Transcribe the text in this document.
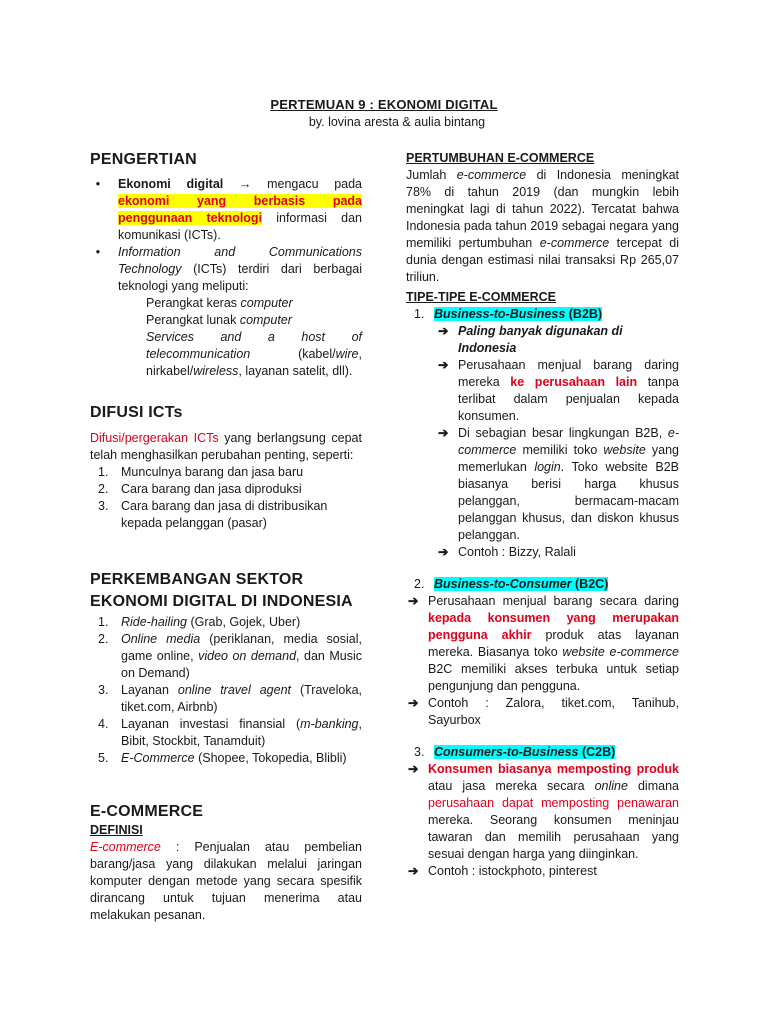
PERTEMUAN 9 : EKONOMI DIGITAL
by. lovina aresta & aulia bintang
PENGERTIAN
•	Ekonomi digital → mengacu pada ekonomi yang berbasis pada penggunaan teknologi informasi dan komunikasi (ICTs).
•	Information and Communications Technology (ICTs) terdiri dari berbagai teknologi yang meliputi:
Perangkat keras computer
Perangkat lunak computer
Services and a host of telecommunication (kabel/wire, nirkabel/wireless, layanan satelit, dll).
DIFUSI ICTs
Difusi/pergerakan ICTs yang berlangsung cepat telah menghasilkan perubahan penting, seperti:
1. Munculnya barang dan jasa baru
2. Cara barang dan jasa diproduksi
3. Cara barang dan jasa di distribusikan kepada pelanggan (pasar)
PERKEMBANGAN SEKTOR EKONOMI DIGITAL DI INDONESIA
1. Ride-hailing (Grab, Gojek, Uber)
2. Online media (periklanan, media sosial, game online, video on demand, dan Music on Demand)
3. Layanan online travel agent (Traveloka, tiket.com, Airbnb)
4. Layanan investasi finansial (m-banking, Bibit, Stockbit, Tanamduit)
5. E-Commerce (Shopee, Tokopedia, Blibli)
E-COMMERCE
DEFINISI
E-commerce : Penjualan atau pembelian barang/jasa yang dilakukan melalui jaringan komputer dengan metode yang secara spesifik dirancang untuk tujuan menerima atau melakukan pesanan.
PERTUMBUHAN E-COMMERCE
Jumlah e-commerce di Indonesia meningkat 78% di tahun 2019 (dan mungkin lebih meningkat lagi di tahun 2022). Tercatat bahwa Indonesia pada tahun 2019 sebagai negara yang memiliki pertumbuhan e-commerce tercepat di dunia dengan estimasi nilai transaksi Rp 265,07 triliun.
TIPE-TIPE E-COMMERCE
1. Business-to-Business (B2B)
➔ Paling banyak digunakan di Indonesia
➔ Perusahaan menjual barang daring mereka ke perusahaan lain tanpa terlibat dalam penjualan kepada konsumen.
➔ Di sebagian besar lingkungan B2B, e-commerce memiliki toko website yang memerlukan login. Toko website B2B biasanya berisi harga khusus pelanggan, bermacam-macam pelanggan khusus, dan diskon khusus pelanggan.
➔ Contoh : Bizzy, Ralali
2. Business-to-Consumer (B2C)
➔ Perusahaan menjual barang secara daring kepada konsumen yang merupakan pengguna akhir produk atas layanan mereka. Biasanya toko website e-commerce B2C memiliki akses terbuka untuk setiap pengunjung dan pengguna.
➔ Contoh : Zalora, tiket.com, Tanihub, Sayurbox
3. Consumers-to-Business (C2B)
➔ Konsumen biasanya memposting produk atau jasa mereka secara online dimana perusahaan dapat memposting penawaran mereka. Seorang konsumen meninjau tawaran dan memilih perusahaan yang sesuai dengan harga yang diinginkan.
➔ Contoh : istockphoto, pinterest
